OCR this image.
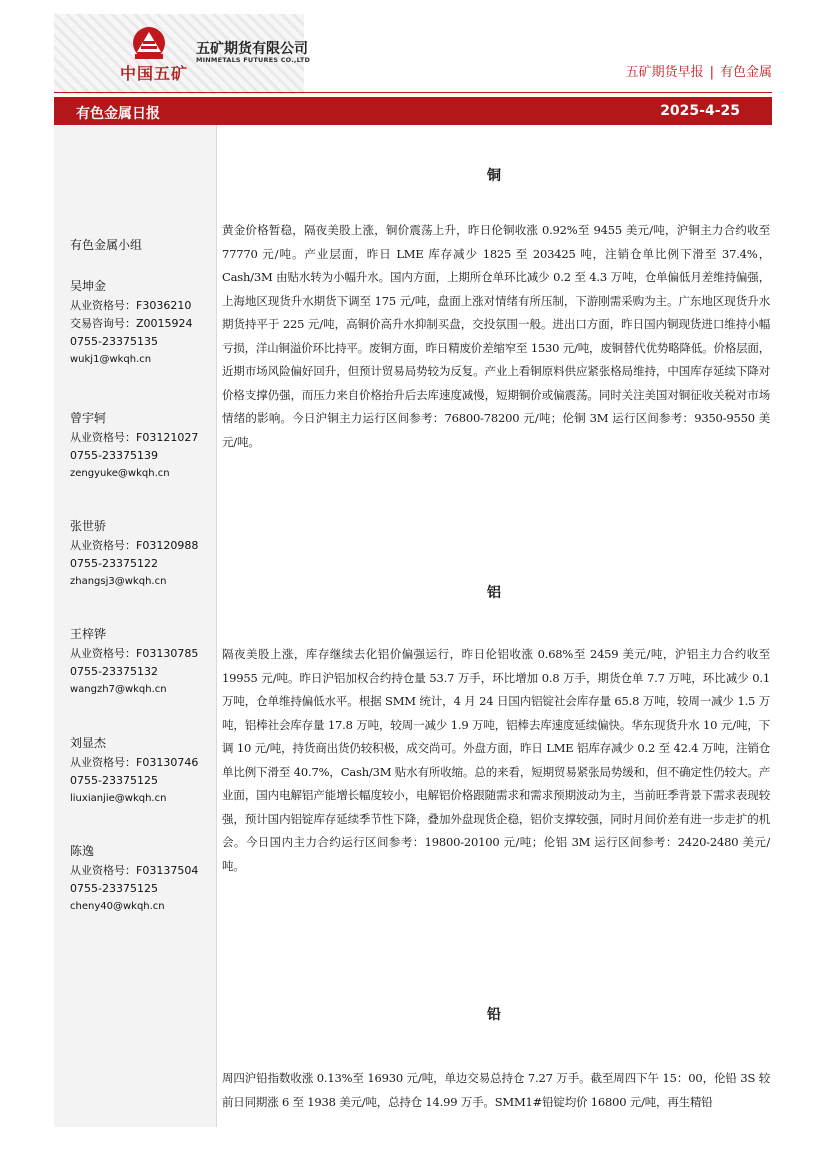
中国五矿
五矿期货有限公司
MINMETALS FUTURES CO.,LTD
五矿期货早报 | 有色金属
有色金属日报	2025-4-25
有色金属小组
吴坤金
从业资格号：F3036210
交易咨询号：Z0015924
0755-23375135
wukj1@wkqh.cn
曾宇轲
从业资格号：F03121027
0755-23375139
zengyuke@wkqh.cn
张世骄
从业资格号：F03120988
0755-23375122
zhangsj3@wkqh.cn
王梓铧
从业资格号：F03130785
0755-23375132
wangzh7@wkqh.cn
刘显杰
从业资格号：F03130746
0755-23375125
liuxianjie@wkqh.cn
陈逸
从业资格号：F03137504
0755-23375125
cheny40@wkqh.cn
铜

黄金价格暂稳，隔夜美股上涨，铜价震荡上升，昨日伦铜收涨 0.92%至 9455 美元/吨，沪铜主力合约收至 77770 元/吨。产业层面，昨日 LME 库存减少 1825 至 203425 吨，注销仓单比例下滑至 37.4%，Cash/3M 由贴水转为小幅升水。国内方面，上期所仓单环比减少 0.2 至 4.3 万吨，仓单偏低月差维持偏强，上海地区现货升水期货下调至 175 元/吨，盘面上涨对情绪有所压制，下游刚需采购为主。广东地区现货升水期货持平于 225 元/吨，高铜价高升水抑制买盘，交投氛围一般。进出口方面，昨日国内铜现货进口维持小幅亏损，洋山铜溢价环比持平。废铜方面，昨日精废价差缩窄至 1530 元/吨，废铜替代优势略降低。价格层面，近期市场风险偏好回升，但预计贸易局势较为反复。产业上看铜原料供应紧张格局维持，中国库存延续下降对价格支撑仍强，而压力来自价格抬升后去库速度减慢，短期铜价或偏震荡。同时关注美国对铜征收关税对市场情绪的影响。今日沪铜主力运行区间参考：76800-78200 元/吨；伦铜 3M 运行区间参考：9350-9550 美元/吨。

铝

隔夜美股上涨，库存继续去化铝价偏强运行，昨日伦铝收涨 0.68%至 2459 美元/吨，沪铝主力合约收至 19955 元/吨。昨日沪铝加权合约持仓量 53.7 万手，环比增加 0.8 万手，期货仓单 7.7 万吨，环比减少 0.1 万吨，仓单维持偏低水平。根据 SMM 统计，4 月 24 日国内铝锭社会库存量 65.8 万吨，较周一减少 1.5 万吨，铝棒社会库存量 17.8 万吨，较周一减少 1.9 万吨，铝棒去库速度延续偏快。华东现货升水 10 元/吨，下调 10 元/吨，持货商出货仍较积极，成交尚可。外盘方面，昨日 LME 铝库存减少 0.2 至 42.4 万吨，注销仓单比例下滑至 40.7%，Cash/3M 贴水有所收缩。总的来看，短期贸易紧张局势缓和，但不确定性仍较大。产业面，国内电解铝产能增长幅度较小，电解铝价格跟随需求和需求预期波动为主，当前旺季背景下需求表现较强，预计国内铝锭库存延续季节性下降，叠加外盘现货企稳，铝价支撑较强，同时月间价差有进一步走扩的机会。今日国内主力合约运行区间参考：19800-20100 元/吨；伦铝 3M 运行区间参考：2420-2480 美元/吨。

铅

周四沪铅指数收涨 0.13%至 16930 元/吨，单边交易总持仓 7.27 万手。截至周四下午 15：00，伦铅 3S 较前日同期涨 6 至 1938 美元/吨，总持仓 14.99 万手。SMM1#铅锭均价 16800 元/吨，再生精铅
